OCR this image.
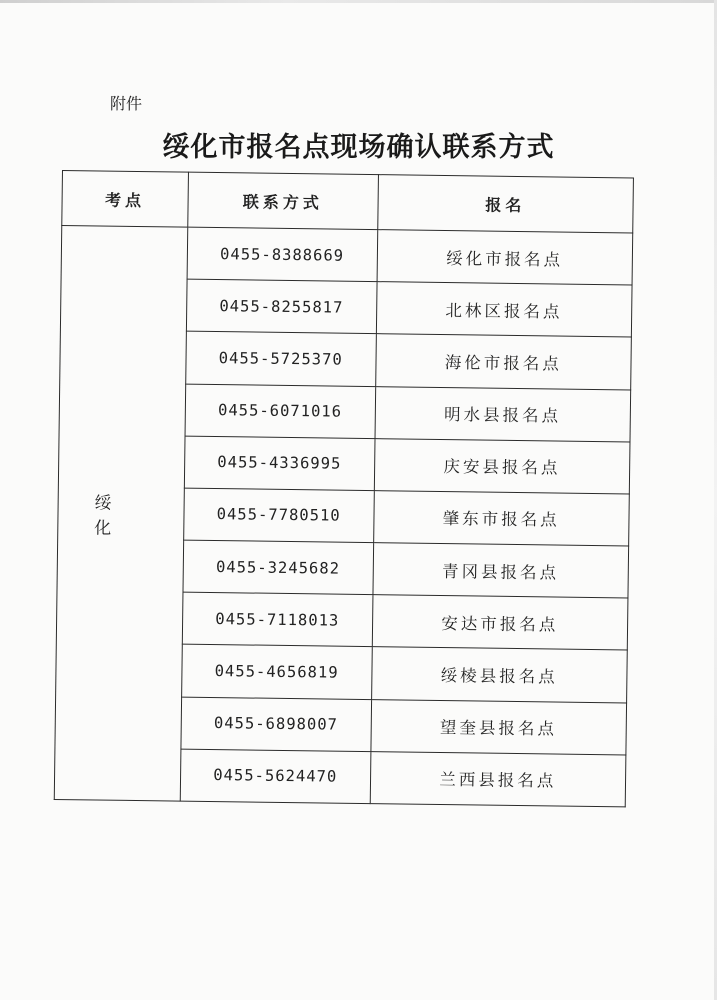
附件
绥化市报名点现场确认联系方式
考点	联系方式	报名
绥 化	0455-8388669	绥化市报名点
	0455-8255817	北林区报名点
	0455-5725370	海伦市报名点
	0455-6071016	明水县报名点
	0455-4336995	庆安县报名点
	0455-7780510	肇东市报名点
	0455-3245682	青冈县报名点
	0455-7118013	安达市报名点
	0455-4656819	绥棱县报名点
	0455-6898007	望奎县报名点
	0455-5624470	兰西县报名点
